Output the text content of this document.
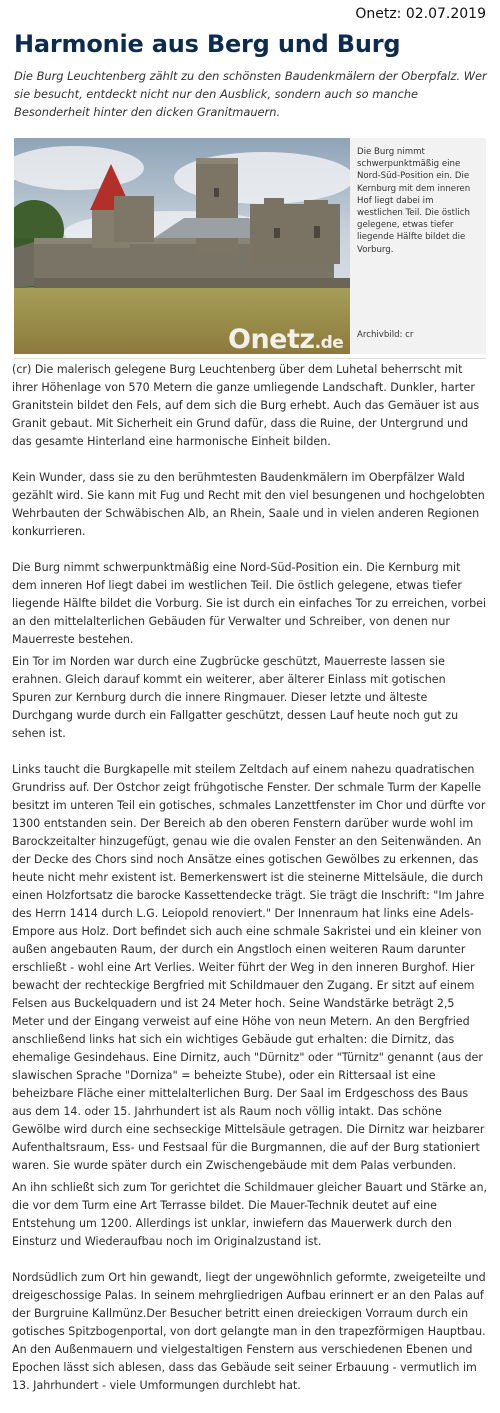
Onetz: 02.07.2019
Harmonie aus Berg und Burg

Die Burg Leuchtenberg zählt zu den schönsten Baudenkmälern der Oberpfalz. Wer sie besucht, entdeckt nicht nur den Ausblick, sondern auch so manche Besonderheit hinter den dicken Granitmauern.

Onetz.de

Die Burg nimmt schwerpunktmäßig eine Nord-Süd-Position ein. Die Kernburg mit dem inneren Hof liegt dabei im westlichen Teil. Die östlich gelegene, etwas tiefer liegende Hälfte bildet die Vorburg.

Archivbild: cr

(cr) Die malerisch gelegene Burg Leuchtenberg über dem Luhetal beherrscht mit ihrer Höhenlage von 570 Metern die ganze umliegende Landschaft. Dunkler, harter Granitstein bildet den Fels, auf dem sich die Burg erhebt. Auch das Gemäuer ist aus Granit gebaut. Mit Sicherheit ein Grund dafür, dass die Ruine, der Untergrund und das gesamte Hinterland eine harmonische Einheit bilden.

Kein Wunder, dass sie zu den berühmtesten Baudenkmälern im Oberpfälzer Wald gezählt wird. Sie kann mit Fug und Recht mit den viel besungenen und hochgelobten Wehrbauten der Schwäbischen Alb, an Rhein, Saale und in vielen anderen Regionen konkurrieren.

Die Burg nimmt schwerpunktmäßig eine Nord-Süd-Position ein. Die Kernburg mit dem inneren Hof liegt dabei im westlichen Teil. Die östlich gelegene, etwas tiefer liegende Hälfte bildet die Vorburg. Sie ist durch ein einfaches Tor zu erreichen, vorbei an den mittelalterlichen Gebäuden für Verwalter und Schreiber, von denen nur Mauerreste bestehen.

Ein Tor im Norden war durch eine Zugbrücke geschützt, Mauerreste lassen sie erahnen. Gleich darauf kommt ein weiterer, aber älterer Einlass mit gotischen Spuren zur Kernburg durch die innere Ringmauer. Dieser letzte und älteste Durchgang wurde durch ein Fallgatter geschützt, dessen Lauf heute noch gut zu sehen ist.

Links taucht die Burgkapelle mit steilem Zeltdach auf einem nahezu quadratischen Grundriss auf. Der Ostchor zeigt frühgotische Fenster. Der schmale Turm der Kapelle besitzt im unteren Teil ein gotisches, schmales Lanzettfenster im Chor und dürfte vor 1300 entstanden sein. Der Bereich ab den oberen Fenstern darüber wurde wohl im Barockzeitalter hinzugefügt, genau wie die ovalen Fenster an den Seitenwänden. An der Decke des Chors sind noch Ansätze eines gotischen Gewölbes zu erkennen, das heute nicht mehr existent ist. Bemerkenswert ist die steinerne Mittelsäule, die durch einen Holzfortsatz die barocke Kassettendecke trägt. Sie trägt die Inschrift: "Im Jahre des Herrn 1414 durch L.G. Leiopold renoviert." Der Innenraum hat links eine Adels-Empore aus Holz. Dort befindet sich auch eine schmale Sakristei und ein kleiner von außen angebauten Raum, der durch ein Angstloch einen weiteren Raum darunter erschließt - wohl eine Art Verlies. Weiter führt der Weg in den inneren Burghof. Hier bewacht der rechteckige Bergfried mit Schildmauer den Zugang. Er sitzt auf einem Felsen aus Buckelquadern und ist 24 Meter hoch. Seine Wandstärke beträgt 2,5 Meter und der Eingang verweist auf eine Höhe von neun Metern. An den Bergfried anschließend links hat sich ein wichtiges Gebäude gut erhalten: die Dirnitz, das ehemalige Gesindehaus. Eine Dirnitz, auch "Dürnitz" oder "Türnitz" genannt (aus der slawischen Sprache "Dorniza" = beheizte Stube), oder ein Rittersaal ist eine beheizbare Fläche einer mittelalterlichen Burg. Der Saal im Erdgeschoss des Baus aus dem 14. oder 15. Jahrhundert ist als Raum noch völlig intakt. Das schöne Gewölbe wird durch eine sechseckige Mittelsäule getragen. Die Dirnitz war heizbarer Aufenthaltsraum, Ess- und Festsaal für die Burgmannen, die auf der Burg stationiert waren. Sie wurde später durch ein Zwischengebäude mit dem Palas verbunden.

An ihn schließt sich zum Tor gerichtet die Schildmauer gleicher Bauart und Stärke an, die vor dem Turm eine Art Terrasse bildet. Die Mauer-Technik deutet auf eine Entstehung um 1200. Allerdings ist unklar, inwiefern das Mauerwerk durch den Einsturz und Wiederaufbau noch im Originalzustand ist.

Nordsüdlich zum Ort hin gewandt, liegt der ungewöhnlich geformte, zweigeteilte und dreigeschossige Palas. In seinem mehrgliedrigen Aufbau erinnert er an den Palas auf der Burgruine Kallmünz.Der Besucher betritt einen dreieckigen Vorraum durch ein gotisches Spitzbogenportal, von dort gelangte man in den trapezförmigen Hauptbau. An den Außenmauern und vielgestaltigen Fenstern aus verschiedenen Ebenen und Epochen lässt sich ablesen, dass das Gebäude seit seiner Erbauung - vermutlich im 13. Jahrhundert - viele Umformungen durchlebt hat.
